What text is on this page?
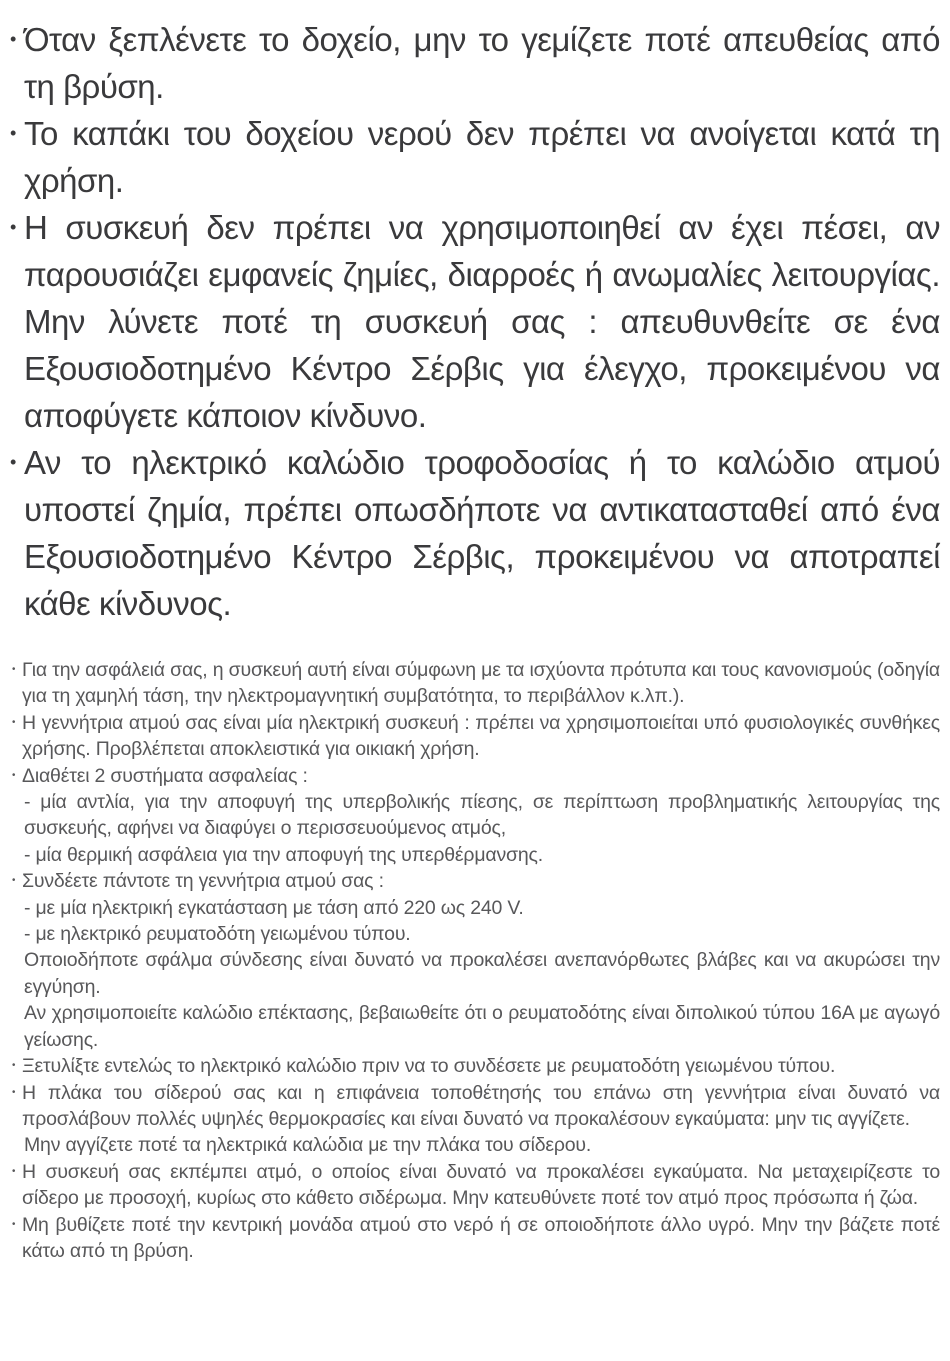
• Όταν ξεπλένετε το δοχείο, μην το γεμίζετε ποτέ απευθείας από τη βρύση.
• Το καπάκι του δοχείου νερού δεν πρέπει να ανοίγεται κατά τη χρήση.
• Η συσκευή δεν πρέπει να χρησιμοποιηθεί αν έχει πέσει, αν παρουσιάζει εμφανείς ζημίες, διαρροές ή ανωμαλίες λειτουργίας. Μην λύνετε ποτέ τη συσκευή σας : απευθυνθείτε σε ένα Εξουσιοδοτημένο Κέντρο Σέρβις για έλεγχο, προκειμένου να αποφύγετε κάποιον κίνδυνο.
• Αν το ηλεκτρικό καλώδιο τροφοδοσίας ή το καλώδιο ατμού υποστεί ζημία, πρέπει οπωσδήποτε να αντικατασταθεί από ένα Εξουσιοδοτημένο Κέντρο Σέρβις, προκειμένου να αποτραπεί κάθε κίνδυνος.
• Για την ασφάλειά σας, η συσκευή αυτή είναι σύμφωνη με τα ισχύοντα πρότυπα και τους κανονισμούς (οδηγία για τη χαμηλή τάση, την ηλεκτρομαγνητική συμβατότητα, το περιβάλλον κ.λπ.).
• Η γεννήτρια ατμού σας είναι μία ηλεκτρική συσκευή : πρέπει να χρησιμοποιείται υπό φυσιολογικές συνθήκες χρήσης. Προβλέπεται αποκλειστικά για οικιακή χρήση.
• Διαθέτει 2 συστήματα ασφαλείας :
- μία αντλία, για την αποφυγή της υπερβολικής πίεσης, σε περίπτωση προβληματικής λειτουργίας της συσκευής, αφήνει να διαφύγει ο περισσευούμενος ατμός,
- μία θερμική ασφάλεια για την αποφυγή της υπερθέρμανσης.
• Συνδέετε πάντοτε τη γεννήτρια ατμού σας :
- με μία ηλεκτρική εγκατάσταση με τάση από 220 ως 240 V.
- με ηλεκτρικό ρευματοδότη γειωμένου τύπου.
Οποιοδήποτε σφάλμα σύνδεσης είναι δυνατό να προκαλέσει ανεπανόρθωτες βλάβες και να ακυρώσει την εγγύηση.
Αν χρησιμοποιείτε καλώδιο επέκτασης, βεβαιωθείτε ότι ο ρευματοδότης είναι διπολικού τύπου 16A με αγωγό γείωσης.
• Ξετυλίξτε εντελώς το ηλεκτρικό καλώδιο πριν να το συνδέσετε με ρευματοδότη γειωμένου τύπου.
• Η πλάκα του σίδερού σας και η επιφάνεια τοποθέτησής του επάνω στη γεννήτρια είναι δυνατό να προσλάβουν πολλές υψηλές θερμοκρασίες και είναι δυνατό να προκαλέσουν εγκαύματα: μην τις αγγίζετε.
Μην αγγίζετε ποτέ τα ηλεκτρικά καλώδια με την πλάκα του σίδερου.
• Η συσκευή σας εκπέμπει ατμό, ο οποίος είναι δυνατό να προκαλέσει εγκαύματα. Να μεταχειρίζεστε το σίδερο με προσοχή, κυρίως στο κάθετο σιδέρωμα. Μην κατευθύνετε ποτέ τον ατμό προς πρόσωπα ή ζώα.
• Μη βυθίζετε ποτέ την κεντρική μονάδα ατμού στο νερό ή σε οποιοδήποτε άλλο υγρό. Μην την βάζετε ποτέ κάτω από τη βρύση.
